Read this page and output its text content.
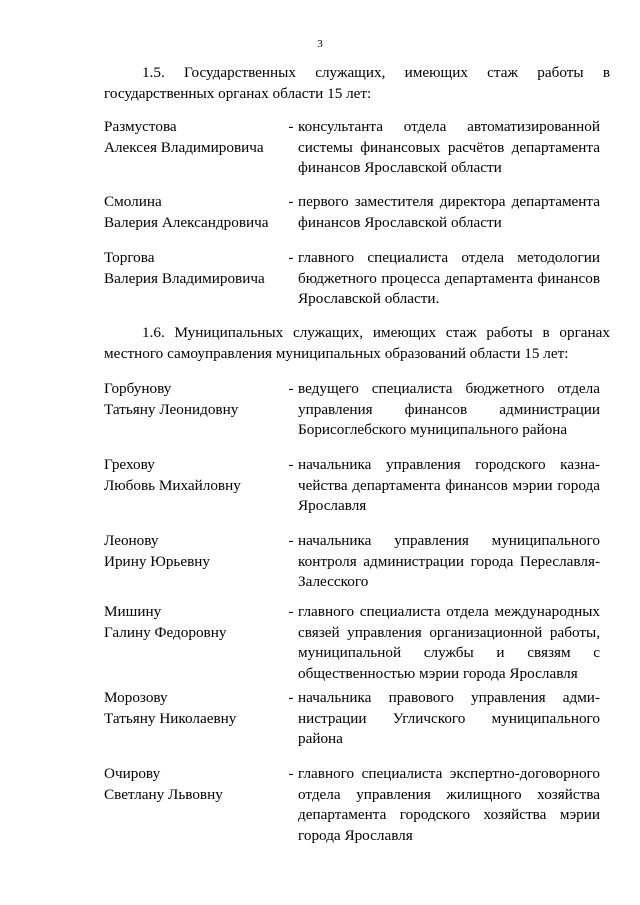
3
1.5. Государственных служащих, имеющих стаж работы в государственных органах области 15 лет:
Размустова
Алексея Владимировича
- консультанта отдела автоматизированной
системы финансовых расчётов департамента
финансов Ярославской области
Смолина
Валерия Александровича
- первого заместителя директора департамента
финансов Ярославской области
Торгова
Валерия Владимировича
- главного специалиста отдела методологии
бюджетного процесса департамента финансов
Ярославской области.
1.6. Муниципальных служащих, имеющих стаж работы в органах местного самоуправления муниципальных образований области 15 лет:
Горбунову
Татьяну Леонидовну
- ведущего специалиста бюджетного отдела
управления финансов администрации
Борисоглебского муниципального района
Грехову
Любовь Михайловну
- начальника управления городского казна-
чейства департамента финансов мэрии города
Ярославля
Леонову
Ирину Юрьевну
- начальника управления муниципального
контроля администрации города Переславля-
Залесского
Мишину
Галину Федоровну
- главного специалиста отдела международных
связей управления организационной работы,
муниципальной службы и связям с
общественностью мэрии города Ярославля
Морозову
Татьяну Николаевну
- начальника правового управления адми-
нистрации Угличского муниципального
района
Очирову
Светлану Львовну
- главного специалиста экспертно-договорного
отдела управления жилищного хозяйства
департамента городского хозяйства мэрии
города Ярославля
